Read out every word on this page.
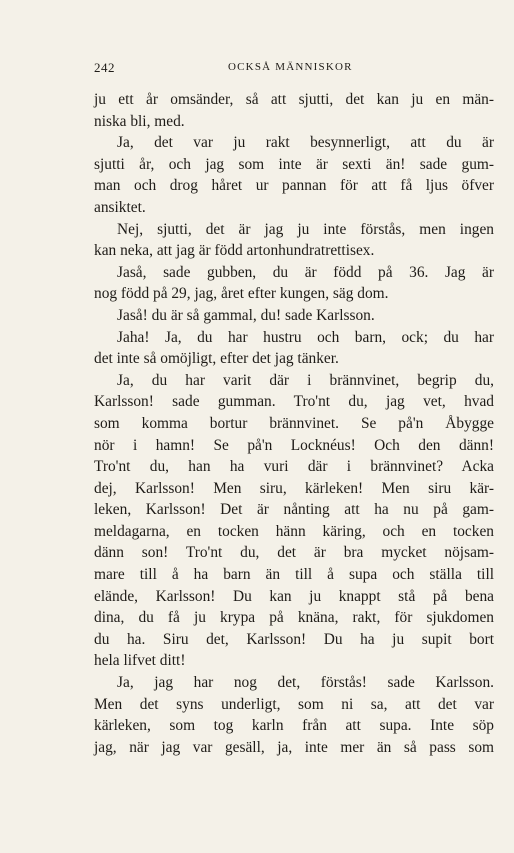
242	OCKSÅ MÄNNISKOR
ju ett år omsänder, så att sjutti, det kan ju en män-
niska bli, med.
Ja, det var ju rakt besynnerligt, att du är
sjutti år, och jag som inte är sexti än! sade gum-
man och drog håret ur pannan för att få ljus öfver
ansiktet.
Nej, sjutti, det är jag ju inte förstås, men ingen
kan neka, att jag är född artonhundratrettisex.
Jaså, sade gubben, du är född på 36. Jag är
nog född på 29, jag, året efter kungen, säg dom.
Jaså! du är så gammal, du! sade Karlsson.
Jaha! Ja, du har hustru och barn, ock; du har
det inte så omöjligt, efter det jag tänker.
Ja, du har varit där i brännvinet, begrip du,
Karlsson! sade gumman. Tro'nt du, jag vet, hvad
som komma bortur brännvinet. Se på'n Åbygge
nör i hamn! Se på'n Locknéus! Och den dänn!
Tro'nt du, han ha vuri där i brännvinet? Acka
dej, Karlsson! Men siru, kärleken! Men siru kär-
leken, Karlsson! Det är nånting att ha nu på gam-
meldagarna, en tocken hänn käring, och en tocken
dänn son! Tro'nt du, det är bra mycket nöjsam-
mare till å ha barn än till å supa och ställa till
elände, Karlsson! Du kan ju knappt stå på bena
dina, du få ju krypa på knäna, rakt, för sjukdomen
du ha. Siru det, Karlsson! Du ha ju supit bort
hela lifvet ditt!
Ja, jag har nog det, förstås! sade Karlsson.
Men det syns underligt, som ni sa, att det var
kärleken, som tog karln från att supa. Inte söp
jag, när jag var gesäll, ja, inte mer än så pass som
